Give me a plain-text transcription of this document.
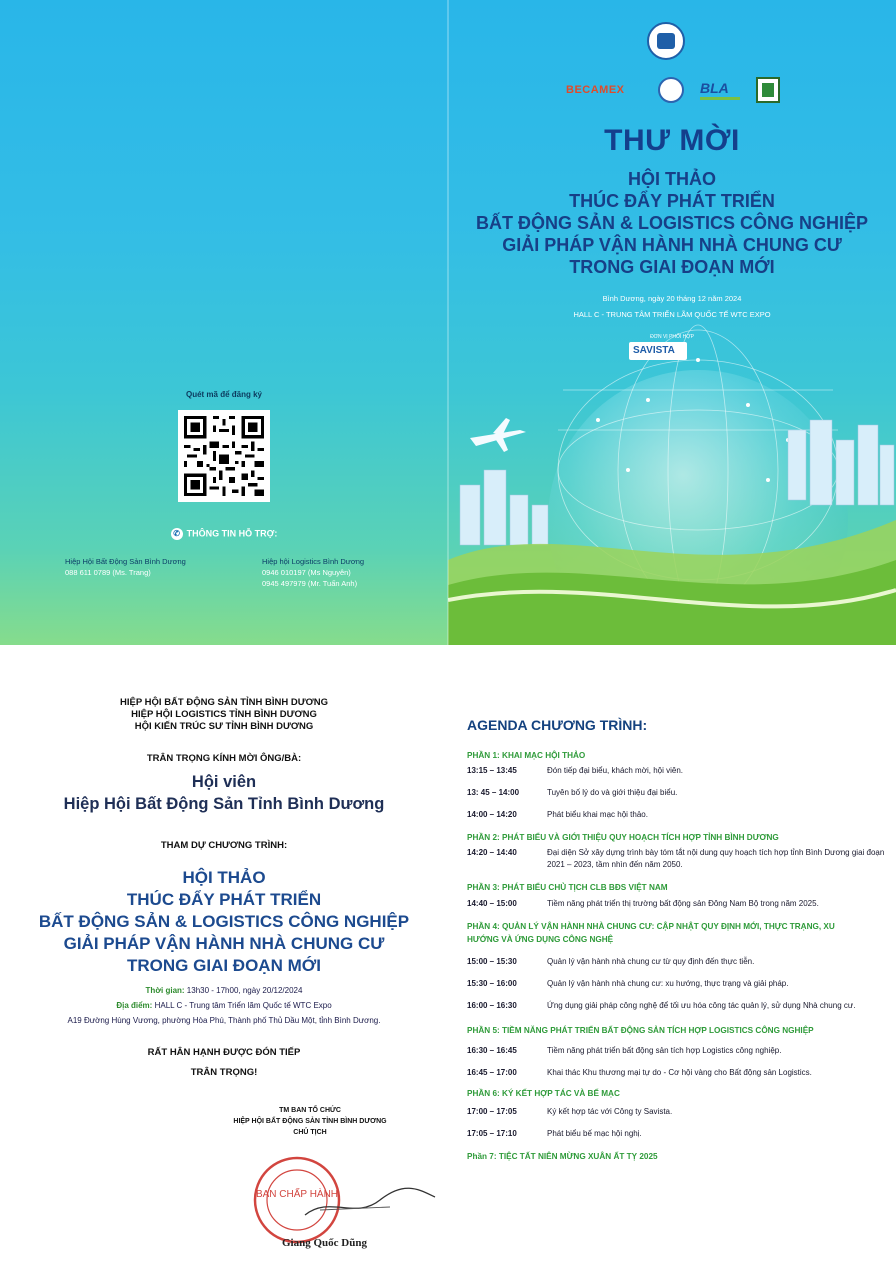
Quét mã để đăng ký
✆ THÔNG TIN HỖ TRỢ:
Hiệp Hội Bất Động Sản Bình Dương
088 611 0789 (Ms. Trang)
Hiệp hội Logistics Bình Dương
0946 010197 (Ms Nguyên)
0945 497979 (Mr. Tuấn Anh)
BECAMEX	BLA
THƯ MỜI
HỘI THẢO
THÚC ĐẨY PHÁT TRIỂN
BẤT ĐỘNG SẢN & LOGISTICS CÔNG NGHIỆP
GIẢI PHÁP VẬN HÀNH NHÀ CHUNG CƯ
TRONG GIAI ĐOẠN MỚI
Bình Dương, ngày 20 tháng 12 năm 2024
HALL C - TRUNG TÂM TRIỂN LÃM QUỐC TẾ WTC EXPO
ĐƠN VỊ PHỐI HỢP
SAVISTA
HIỆP HỘI BẤT ĐỘNG SẢN TỈNH BÌNH DƯƠNG
HIỆP HỘI LOGISTICS TỈNH BÌNH DƯƠNG
HỘI KIẾN TRÚC SƯ TỈNH BÌNH DƯƠNG
TRÂN TRỌNG KÍNH MỜI ÔNG/BÀ:
Hội viên
Hiệp Hội Bất Động Sản Tỉnh Bình Dương
THAM DỰ CHƯƠNG TRÌNH:
HỘI THẢO
THÚC ĐẨY PHÁT TRIỂN
BẤT ĐỘNG SẢN & LOGISTICS CÔNG NGHIỆP
GIẢI PHÁP VẬN HÀNH NHÀ CHUNG CƯ
TRONG GIAI ĐOẠN MỚI
Thời gian: 13h30 - 17h00, ngày 20/12/2024
Địa điểm: HALL C - Trung tâm Triển lãm Quốc tế WTC Expo
A19 Đường Hùng Vương, phường Hòa Phú, Thành phố Thủ Dầu Một, tỉnh Bình Dương.
RẤT HÂN HẠNH ĐƯỢC ĐÓN TIẾP
TRÂN TRỌNG!
TM BAN TỔ CHỨC
HIỆP HỘI BẤT ĐỘNG SẢN TỈNH BÌNH DƯƠNG
CHỦ TỊCH
BAN CHẤP HÀNH
Giang Quốc Dũng
AGENDA CHƯƠNG TRÌNH:
PHẦN 1: KHAI MẠC HỘI THẢO
13:15 – 13:45	Đón tiếp đại biểu, khách mời, hội viên.
13: 45 – 14:00	Tuyên bố lý do và giới thiệu đại biểu.
14:00 – 14:20	Phát biểu khai mạc hội thảo.
PHẦN 2: PHÁT BIỂU VÀ GIỚI THIỆU QUY HOẠCH TÍCH HỢP TỈNH BÌNH DƯƠNG
14:20 – 14:40	Đại diện Sở xây dựng trình bày tóm tắt nội dung quy hoạch tích hợp tỉnh Bình Dương giai đoạn 2021 – 2023, tầm nhìn đến năm 2050.
PHẦN 3: PHÁT BIỂU CHỦ TỊCH CLB BĐS VIỆT NAM
14:40 – 15:00	Tiềm năng phát triển thị trường bất động sản Đông Nam Bộ trong năm 2025.
PHẦN 4: QUẢN LÝ VẬN HÀNH NHÀ CHUNG CƯ: CẬP NHẬT QUY ĐỊNH MỚI, THỰC TRẠNG, XU HƯỚNG VÀ ỨNG DỤNG CÔNG NGHỆ
15:00 – 15:30	Quản lý vận hành nhà chung cư từ quy định đến thực tiễn.
15:30 – 16:00	Quản lý vận hành nhà chung cư: xu hướng, thực trạng và giải pháp.
16:00 – 16:30	Ứng dụng giải pháp công nghệ để tối ưu hóa công tác quản lý, sử dụng Nhà chung cư.
PHẦN 5: TIỀM NĂNG PHÁT TRIỂN BẤT ĐỘNG SẢN TÍCH HỢP LOGISTICS CÔNG NGHIỆP
16:30 – 16:45	Tiềm năng phát triển bất động sản tích hợp Logistics công nghiệp.
16:45 – 17:00	Khai thác Khu thương mại tự do - Cơ hội vàng cho Bất động sản Logistics.
PHẦN 6: KÝ KẾT HỢP TÁC VÀ BẾ MẠC
17:00 – 17:05	Ký kết hợp tác với Công ty Savista.
17:05 – 17:10	Phát biểu bế mạc hội nghị.
Phần 7: TIỆC TẤT NIÊN MỪNG XUÂN ẤT TỴ 2025
